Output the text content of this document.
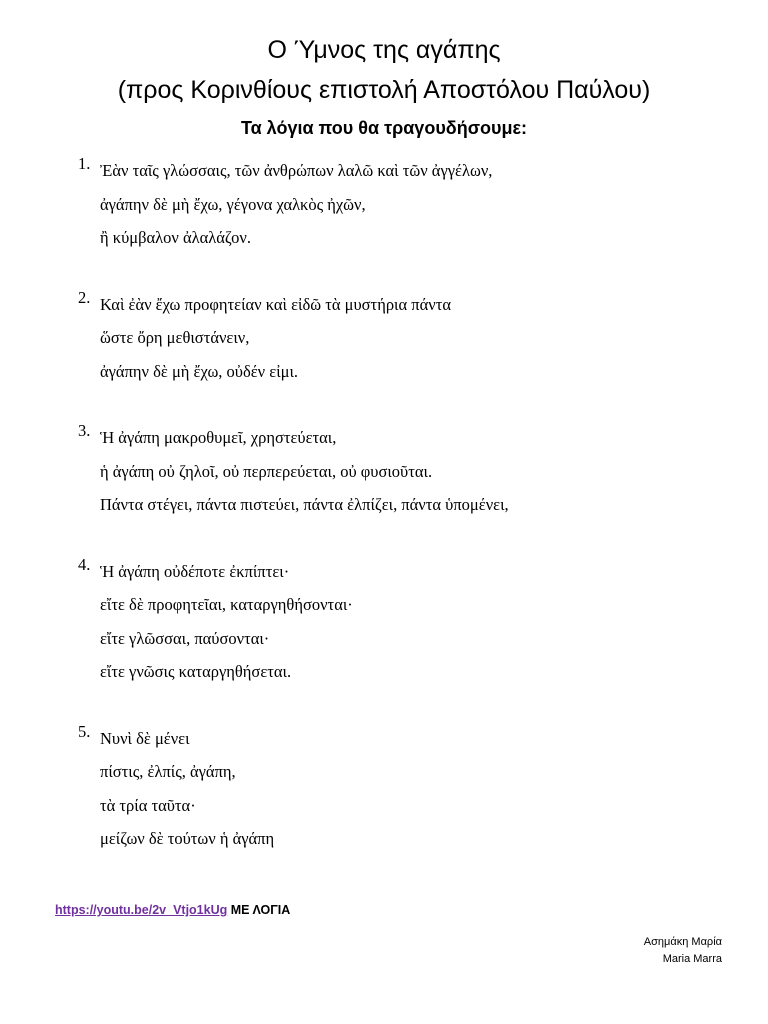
Ο Ύμνος της αγάπης
(προς Κορινθίους επιστολή Αποστόλου Παύλου)
Τα λόγια που θα τραγουδήσουμε:
1. Ἐὰν ταῖς γλώσσαις, τῶν ἀνθρώπων λαλῶ καὶ τῶν ἀγγέλων,
ἀγάπην δὲ μὴ ἔχω, γέγονα χαλκὸς ἠχῶν,
ἢ κύμβαλον ἀλαλάζον.
2. Καὶ ἐὰν ἔχω προφητείαν καὶ εἰδῶ τὰ μυστήρια πάντα
ὥστε ὄρη μεθιστάνειν,
ἀγάπην δὲ μὴ ἔχω, οὐδέν εἰμι.
3. Ἡ ἀγάπη μακροθυμεῖ, χρηστεύεται,
ἡ ἀγάπη οὐ ζηλοῖ, οὐ περπερεύεται, οὐ φυσιοῦται.
Πάντα στέγει, πάντα πιστεύει, πάντα ἐλπίζει, πάντα ὑπομένει,
4. Ἡ ἀγάπη οὐδέποτε ἐκπίπτει·
εἴτε δὲ προφητεῖαι, καταργηθήσονται·
εἴτε γλῶσσαι, παύσονται·
εἴτε γνῶσις καταργηθήσεται.
5. Νυνὶ δὲ μένει
πίστις, ἐλπίς, ἀγάπη,
τὰ τρία ταῦτα·
μείζων δὲ τούτων ἡ ἀγάπη
https://youtu.be/2v_Vtjo1kUg ΜΕ ΛΟΓΙΑ
Ασημάκη Μαρία
Maria Marra
